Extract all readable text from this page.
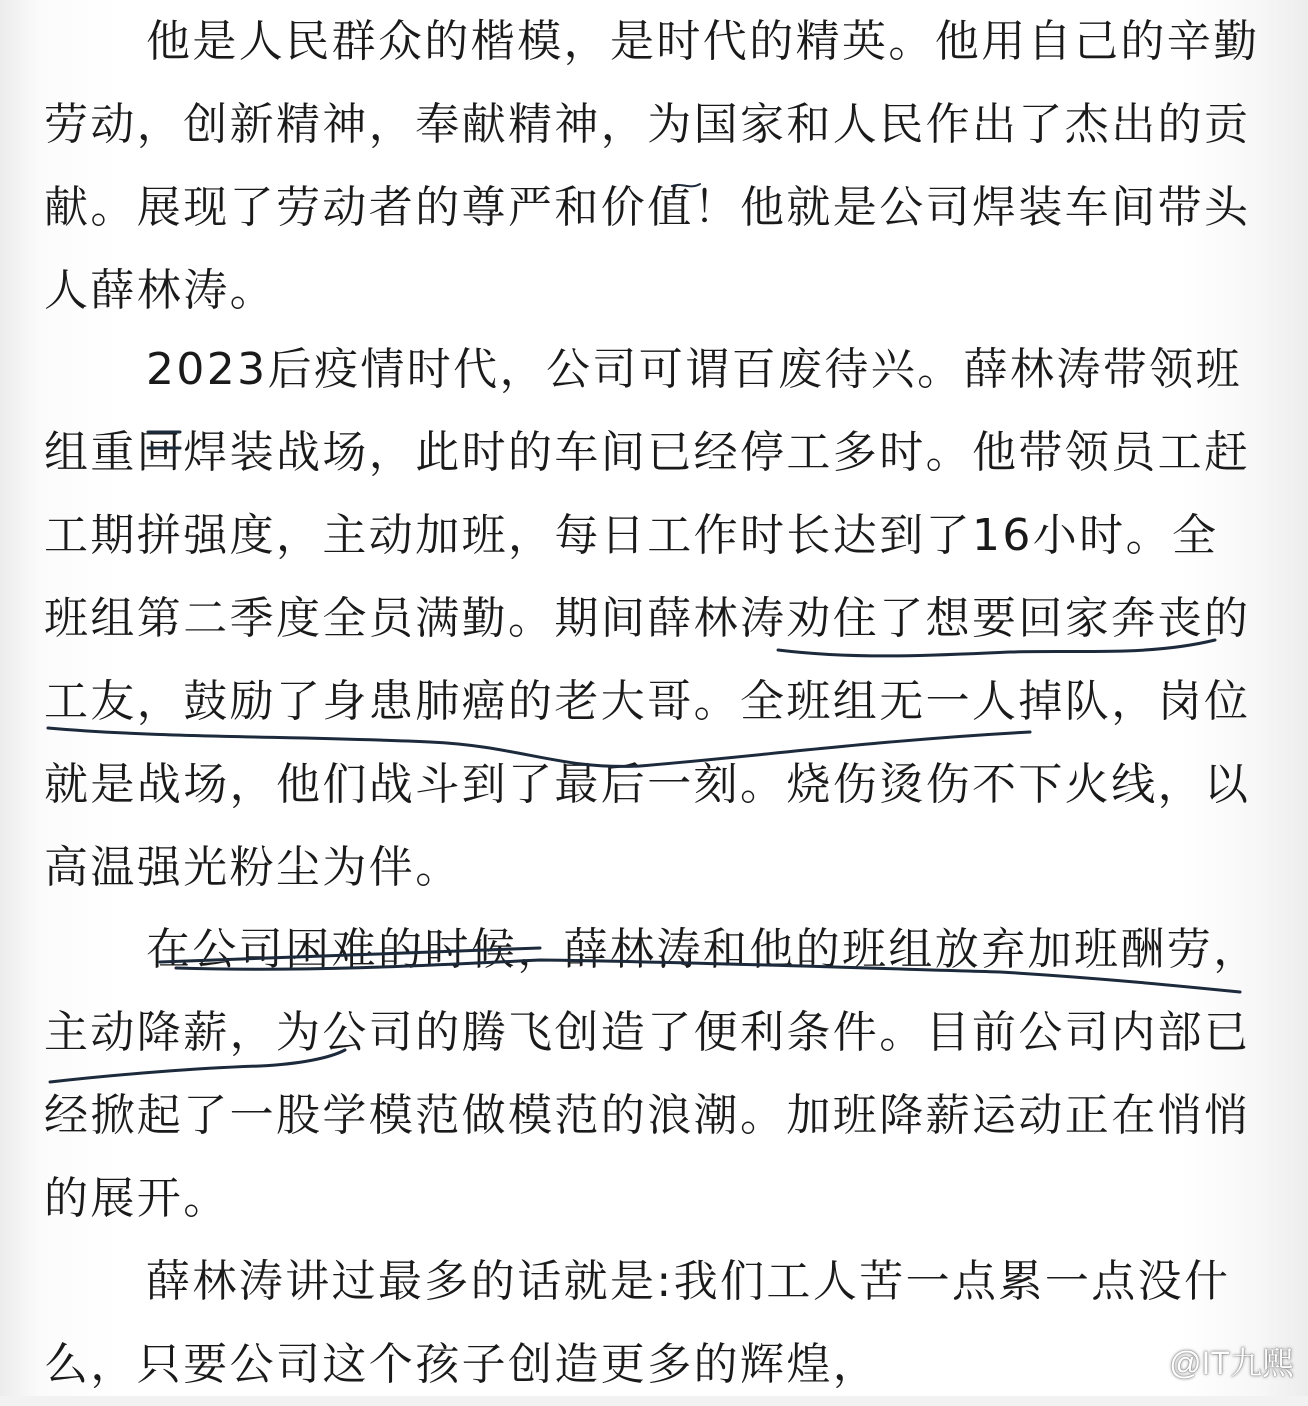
他是人民群众的楷模，是时代的精英。他用自己的辛勤劳动，创新精神，奉献精神，为国家和人民作出了杰出的贡献。展现了劳动者的尊严和价值！他就是公司焊装车间带头人薛林涛。

2023后疫情时代，公司可谓百废待兴。薛林涛带领班组重回焊装战场，此时的车间已经停工多时。他带领员工赶工期拼强度，主动加班，每日工作时长达到了16小时。全班组第二季度全员满勤。期间薛林涛劝住了想要回家奔丧的工友，鼓励了身患肺癌的老大哥。全班组无一人掉队，岗位就是战场，他们战斗到了最后一刻。烧伤烫伤不下火线，以高温强光粉尘为伴。

在公司困难的时候，薛林涛和他的班组放弃加班酬劳，主动降薪，为公司的腾飞创造了便利条件。目前公司内部已经掀起了一股学模范做模范的浪潮。加班降薪运动正在悄悄的展开。

薛林涛讲过最多的话就是:我们工人苦一点累一点没什么，只要公司这个孩子创造更多的辉煌，	@IT九熙
